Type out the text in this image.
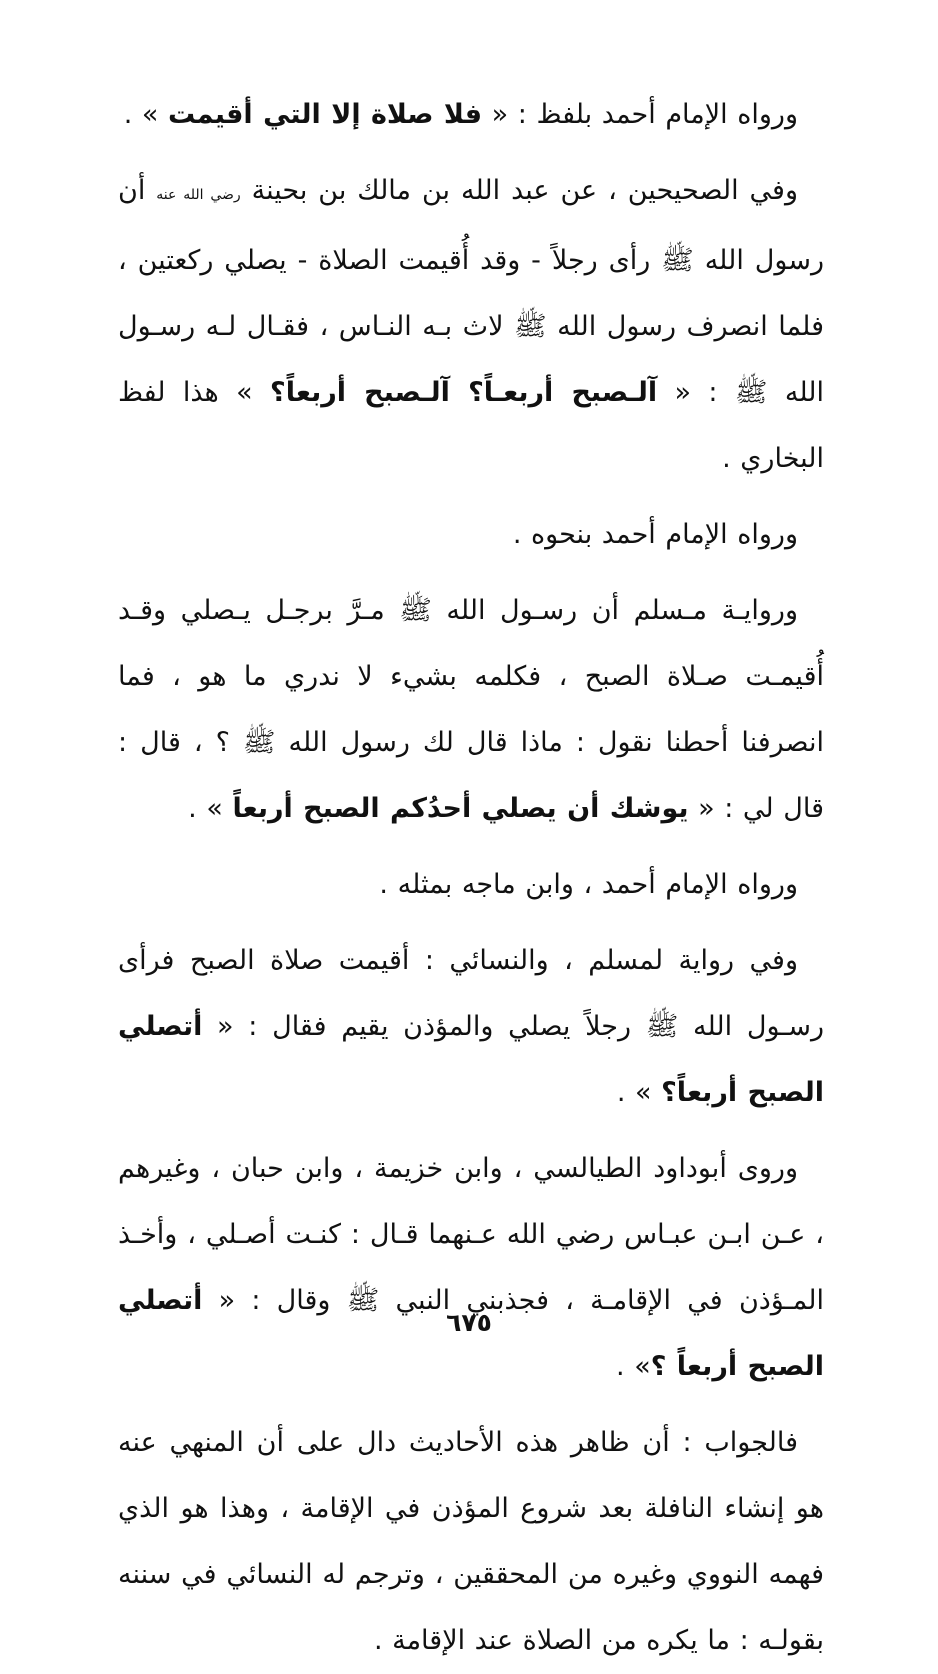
ورواه الإمام أحمد بلفظ : « فلا صلاة إلا التي أقيمت » .

وفي الصحيحين ، عن عبد الله بن مالك بن بحينة رضي الله عنه أن رسول الله ﷺ رأى رجلاً - وقد أُقيمت الصلاة - يصلي ركعتين ، فلما انصرف رسول الله ﷺ لاث بـه النـاس ، فقـال لـه رسـول الله ﷺ : « آلـصبح أربعـاً؟ آلـصبح أربعاً؟ » هذا لفظ البخاري .

ورواه الإمام أحمد بنحوه .

وروايـة مـسلم أن رسـول الله ﷺ مـرَّ برجـل يـصلي وقـد أُقيمـت صـلاة الصبح ، فكلمه بشيء لا ندري ما هو ، فما انصرفنا أحطنا نقول : ماذا قال لك رسول الله ﷺ ؟ ، قال : قال لي : « يوشك أن يصلي أحدُكم الصبح أربعاً » .

ورواه الإمام أحمد ، وابن ماجه بمثله .

وفي رواية لمسلم ، والنسائي : أقيمت صلاة الصبح فرأى رسـول الله ﷺ رجلاً يصلي والمؤذن يقيم فقال : « أتصلي الصبح أربعاً؟ » .

وروى أبوداود الطيالسي ، وابن خزيمة ، وابن حبان ، وغيرهم ، عـن ابـن عبـاس رضي الله عـنهما قـال : كنـت أصـلي ، وأخـذ المـؤذن في الإقامـة ، فجذبني النبي ﷺ وقال : « أتصلي الصبح أربعاً ؟» .

فالجواب : أن ظاهر هذه الأحاديث دال على أن المنهي عنه هو إنشاء النافلة بعد شروع المؤذن في الإقامة ، وهذا هو الذي فهمه النووي وغيره من المحققين ، وترجم له النسائي في سننه بقولـه : ما يكره من الصلاة عند الإقامة .

٦٧٥
